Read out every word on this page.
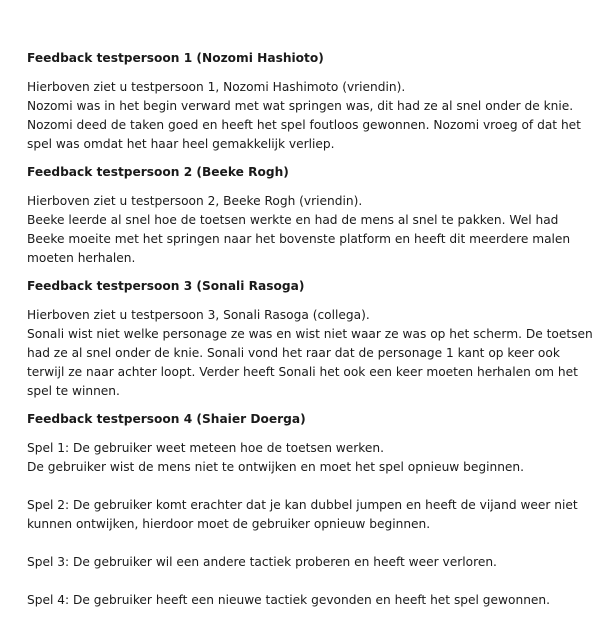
Feedback testpersoon 1 (Nozomi Hashioto)

Hierboven ziet u testpersoon 1, Nozomi Hashimoto (vriendin).
Nozomi was in het begin verward met wat springen was, dit had ze al snel onder de knie.
Nozomi deed de taken goed en heeft het spel foutloos gewonnen. Nozomi vroeg of dat het
spel was omdat het haar heel gemakkelijk verliep.

Feedback testpersoon 2 (Beeke Rogh)

Hierboven ziet u testpersoon 2, Beeke Rogh (vriendin).
Beeke leerde al snel hoe de toetsen werkte en had de mens al snel te pakken. Wel had
Beeke moeite met het springen naar het bovenste platform en heeft dit meerdere malen
moeten herhalen.

Feedback testpersoon 3 (Sonali Rasoga)

Hierboven ziet u testpersoon 3, Sonali Rasoga (collega).
Sonali wist niet welke personage ze was en wist niet waar ze was op het scherm. De toetsen
had ze al snel onder de knie. Sonali vond het raar dat de personage 1 kant op keer ook
terwijl ze naar achter loopt. Verder heeft Sonali het ook een keer moeten herhalen om het
spel te winnen.

Feedback testpersoon 4 (Shaier Doerga)

Spel 1: De gebruiker weet meteen hoe de toetsen werken.
De gebruiker wist de mens niet te ontwijken en moet het spel opnieuw beginnen.

Spel 2: De gebruiker komt erachter dat je kan dubbel jumpen en heeft de vijand weer niet
kunnen ontwijken, hierdoor moet de gebruiker opnieuw beginnen.

Spel 3: De gebruiker wil een andere tactiek proberen en heeft weer verloren.

Spel 4: De gebruiker heeft een nieuwe tactiek gevonden en heeft het spel gewonnen.
